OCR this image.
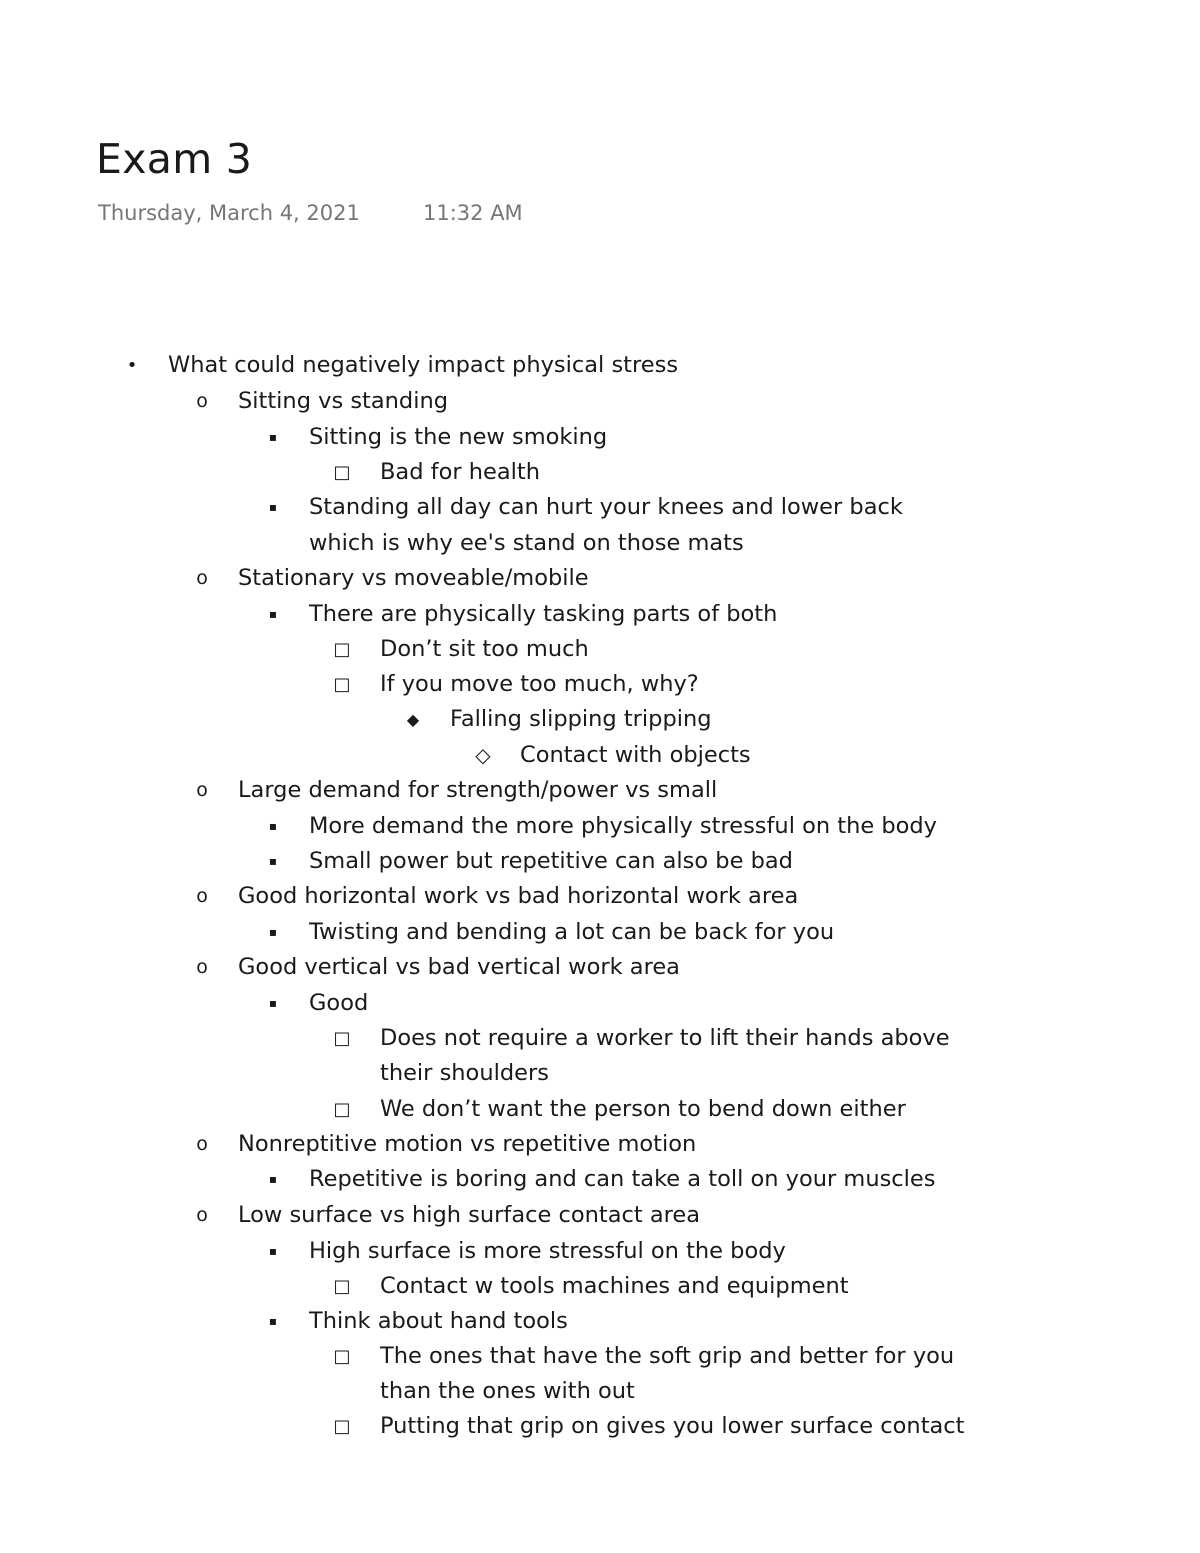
Exam 3
Thursday, March 4, 2021	11:32 AM
• What could negatively impact physical stress
o Sitting vs standing
▪ Sitting is the new smoking
□ Bad for health
▪ Standing all day can hurt your knees and lower back
which is why ee's stand on those mats
o Stationary vs moveable/mobile
▪ There are physically tasking parts of both
□ Don’t sit too much
□ If you move too much, why?
◆ Falling slipping tripping
◇ Contact with objects
o Large demand for strength/power vs small
▪ More demand the more physically stressful on the body
▪ Small power but repetitive can also be bad
o Good horizontal work vs bad horizontal work area
▪ Twisting and bending a lot can be back for you
o Good vertical vs bad vertical work area
▪ Good
□ Does not require a worker to lift their hands above
their shoulders
□ We don’t want the person to bend down either
o Nonreptitive motion vs repetitive motion
▪ Repetitive is boring and can take a toll on your muscles
o Low surface vs high surface contact area
▪ High surface is more stressful on the body
□ Contact w tools machines and equipment
▪ Think about hand tools
□ The ones that have the soft grip and better for you
than the ones with out
□ Putting that grip on gives you lower surface contact
